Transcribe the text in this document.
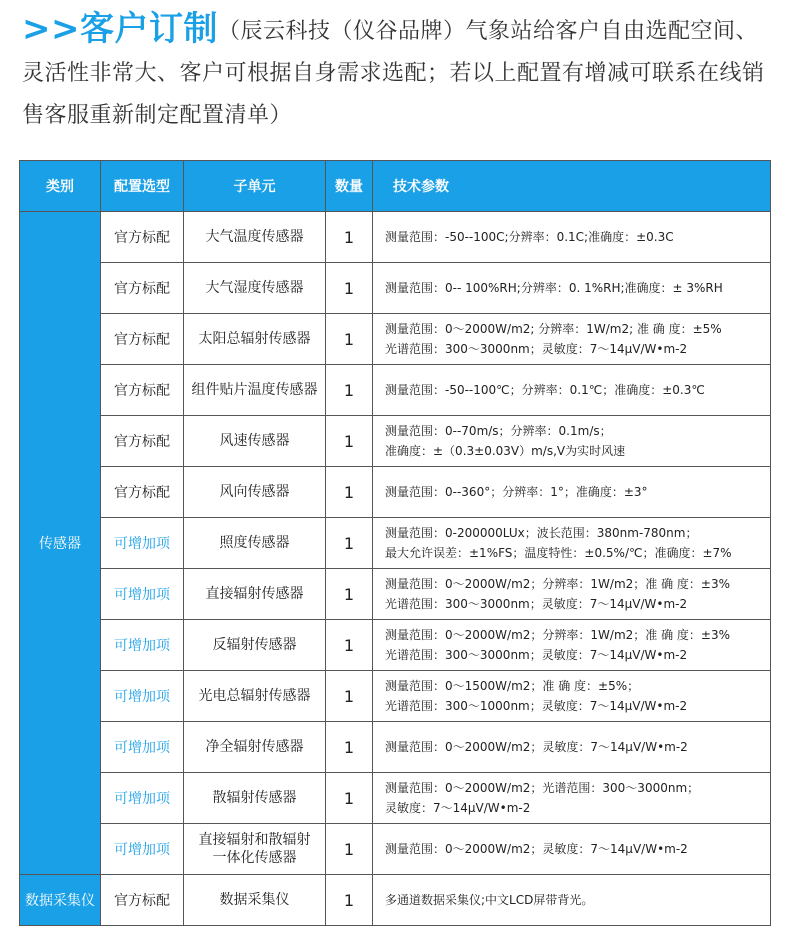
>>客户订制（辰云科技（仪谷品牌）气象站给客户自由选配空间、灵活性非常大、客户可根据自身需求选配；若以上配置有增减可联系在线销售客服重新制定配置清单）
类别	配置选型	子单元	数量	技术参数
传感器	官方标配	大气温度传感器	1	测量范围：-50--100C;分辨率：0.1C;准确度：±0.3C

	官方标配	大气湿度传感器	1	测量范围：0-- 100%RH;分辨率：0. 1%RH;准确度：± 3%RH

	官方标配	太阳总辐射传感器	1	测量范围：0～2000W/m2; 分辨率：1W/m2; 准 确 度：±5%
光谱范围：300～3000nm；灵敏度：7～14μV/W•m-2

	官方标配	组件贴片温度传感器	1	测量范围：-50--100℃；分辨率：0.1℃；准确度：±0.3℃

	官方标配	风速传感器	1	测量范围：0--70m/s；分辨率：0.1m/s；
准确度：±（0.3±0.03V）m/s,V为实时风速

	官方标配	风向传感器	1	测量范围：0--360°；分辨率：1°；准确度：±3°

	可增加项	照度传感器	1	测量范围：0-200000LUx；波长范围：380nm-780nm；
最大允许误差：±1%FS；温度特性：±0.5%/℃；准确度：±7%

	可增加项	直接辐射传感器	1	测量范围：0～2000W/m2；分辨率：1W/m2；准 确 度：±3%
光谱范围：300～3000nm；灵敏度：7～14μV/W•m-2

	可增加项	反辐射传感器	1	测量范围：0～2000W/m2；分辨率：1W/m2；准 确 度：±3%
光谱范围：300～3000nm；灵敏度：7～14μV/W•m-2

	可增加项	光电总辐射传感器	1	测量范围：0～1500W/m2；准 确 度：±5%；
光谱范围：300～1000nm；灵敏度：7～14μV/W•m-2

	可增加项	净全辐射传感器	1	测量范围：0～2000W/m2；灵敏度：7～14μV/W•m-2

	可增加项	散辐射传感器	1	测量范围：0～2000W/m2；光谱范围：300～3000nm；
灵敏度：7～14μV/W•m-2

	可增加项	直接辐射和散辐射一体化传感器	1	测量范围：0～2000W/m2；灵敏度：7～14μV/W•m-2

数据采集仪	官方标配	数据采集仪	1	多通道数据采集仪;中文LCD屏带背光。
